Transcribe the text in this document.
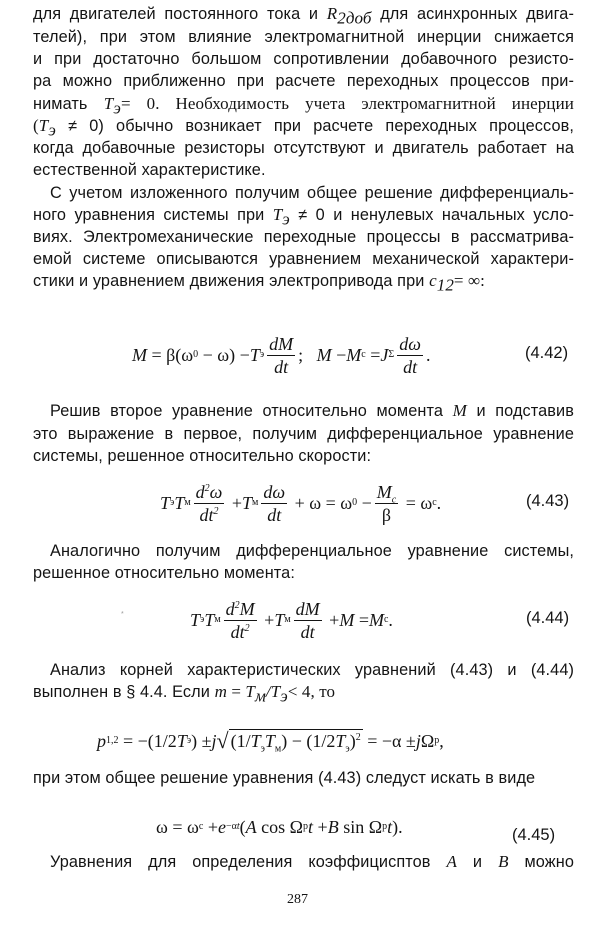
для двигателей постоянного тока и $R_{2доб}$ для асинхронных двига-
телей), при этом влияние электромагнитной инерции снижается
и при достаточно большом сопротивлении добавочного резисто-
ра можно приближенно при расчете переходных процессов при-
нимать $T_э= 0$. Необходимость учета электромагнитной инерции
$(T_э \ne 0)$ обычно возникает при расчете переходных процессов,
когда добавочные резисторы отсутствуют и двигатель работает на
естественной характеристике.
С учетом изложенного получим общее решение дифференциаль-
ного уравнения системы при $T_э \ne 0$ и ненулевых начальных усло-
виях. Электромеханические переходные процессы в рассматрива-
емой системе описываются уравнением механической характери-
стики и уравнением движения электропривода при $c_{12}=$ ∞:
M = β(ω 0 − ω) − T э $\frac{dM}{dt}$ ; M − M с = J Σ $\frac{d\omega}{dt}$ .	(4.42)
Решив второе уравнение относительно момента M и подставив
это выражение в первое, получим дифференциальное уравнение
системы, решенное относительно скорости:
T э T м $\frac{d^2\omega}{dt^2} + T$ м $\frac{d\omega}{dt} + \omega = \omega$ $0 - \frac{M_с}{\beta} = \omega$ с .	(4.43)
Аналогично получим дифференциальное уравнение системы,
решенное относительно момента:
*	T э T м $\frac{d^2M}{dt^2} + T$ м $\frac{dM}{dt} + M = M$ с .	(4.44)
Анализ корней характеристических уравнений (4.43) и (4.44)
выполнен в § 4.4. Если $m = T_м/T_э< 4$, то
p 1,2 = −(1/2 T э ) ± j √ $(1/T_эT_м) - (1/2T_э)^2 = -\alpha \pm j$ Ω р ,
при этом общее решение уравнения (4.43) следуст искать в виде
ω = ω с + e −αt ( A cos Ω р t + B sin Ω р t ).	(4.45)
Уравнения для определения коэффицисптов A и B можно
287
